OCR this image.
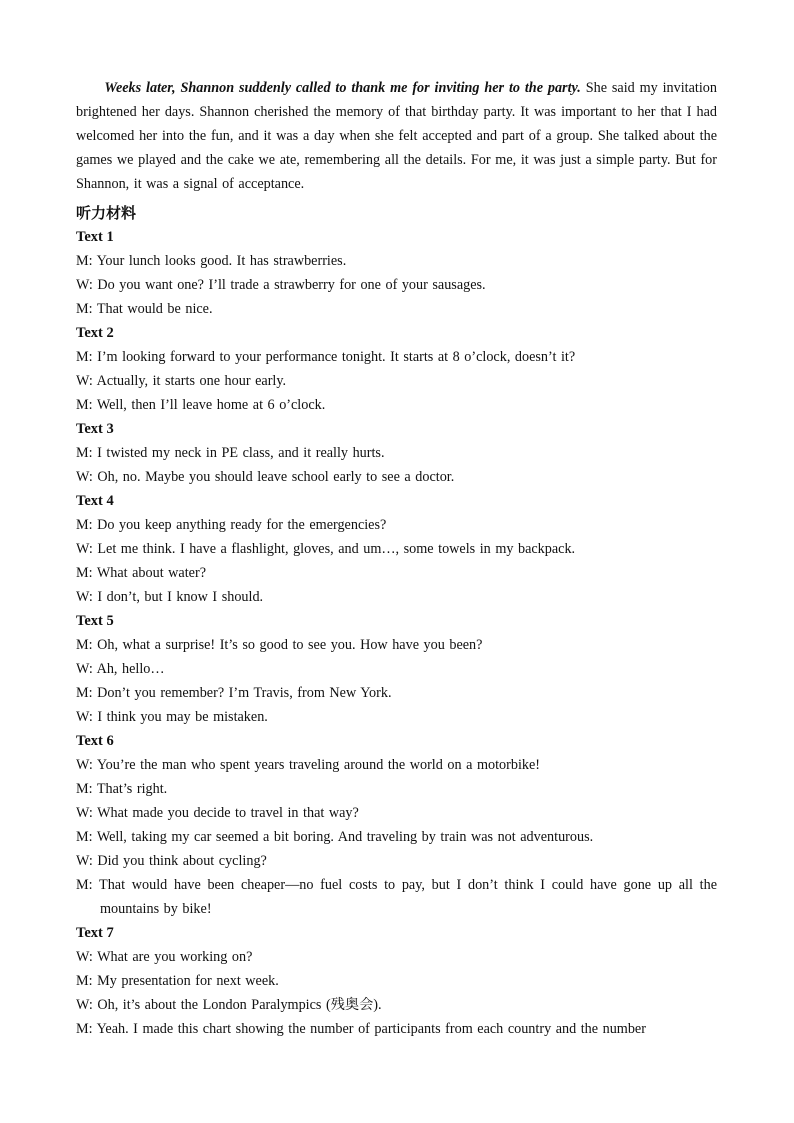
Weeks later, Shannon suddenly called to thank me for inviting her to the party. She said my invitation brightened her days. Shannon cherished the memory of that birthday party. It was important to her that I had welcomed her into the fun, and it was a day when she felt accepted and part of a group. She talked about the games we played and the cake we ate, remembering all the details. For me, it was just a simple party. But for Shannon, it was a signal of acceptance.

听力材料
Text 1
M: Your lunch looks good. It has strawberries.
W: Do you want one? I’ll trade a strawberry for one of your sausages.
M: That would be nice.
Text 2
M: I’m looking forward to your performance tonight. It starts at 8 o’clock, doesn’t it?
W: Actually, it starts one hour early.
M: Well, then I’ll leave home at 6 o’clock.
Text 3
M: I twisted my neck in PE class, and it really hurts.
W: Oh, no. Maybe you should leave school early to see a doctor.
Text 4
M: Do you keep anything ready for the emergencies?
W: Let me think. I have a flashlight, gloves, and um…, some towels in my backpack.
M: What about water?
W: I don’t, but I know I should.
Text 5
M: Oh, what a surprise! It’s so good to see you. How have you been?
W: Ah, hello…
M: Don’t you remember? I’m Travis, from New York.
W: I think you may be mistaken.
Text 6
W: You’re the man who spent years traveling around the world on a motorbike!
M: That’s right.
W: What made you decide to travel in that way?
M: Well, taking my car seemed a bit boring. And traveling by train was not adventurous.
W: Did you think about cycling?
M: That would have been cheaper—no fuel costs to pay, but I don’t think I could have gone up all the mountains by bike!
Text 7
W: What are you working on?
M: My presentation for next week.
W: Oh, it’s about the London Paralympics (残奥会).
M: Yeah. I made this chart showing the number of participants from each country and the number
